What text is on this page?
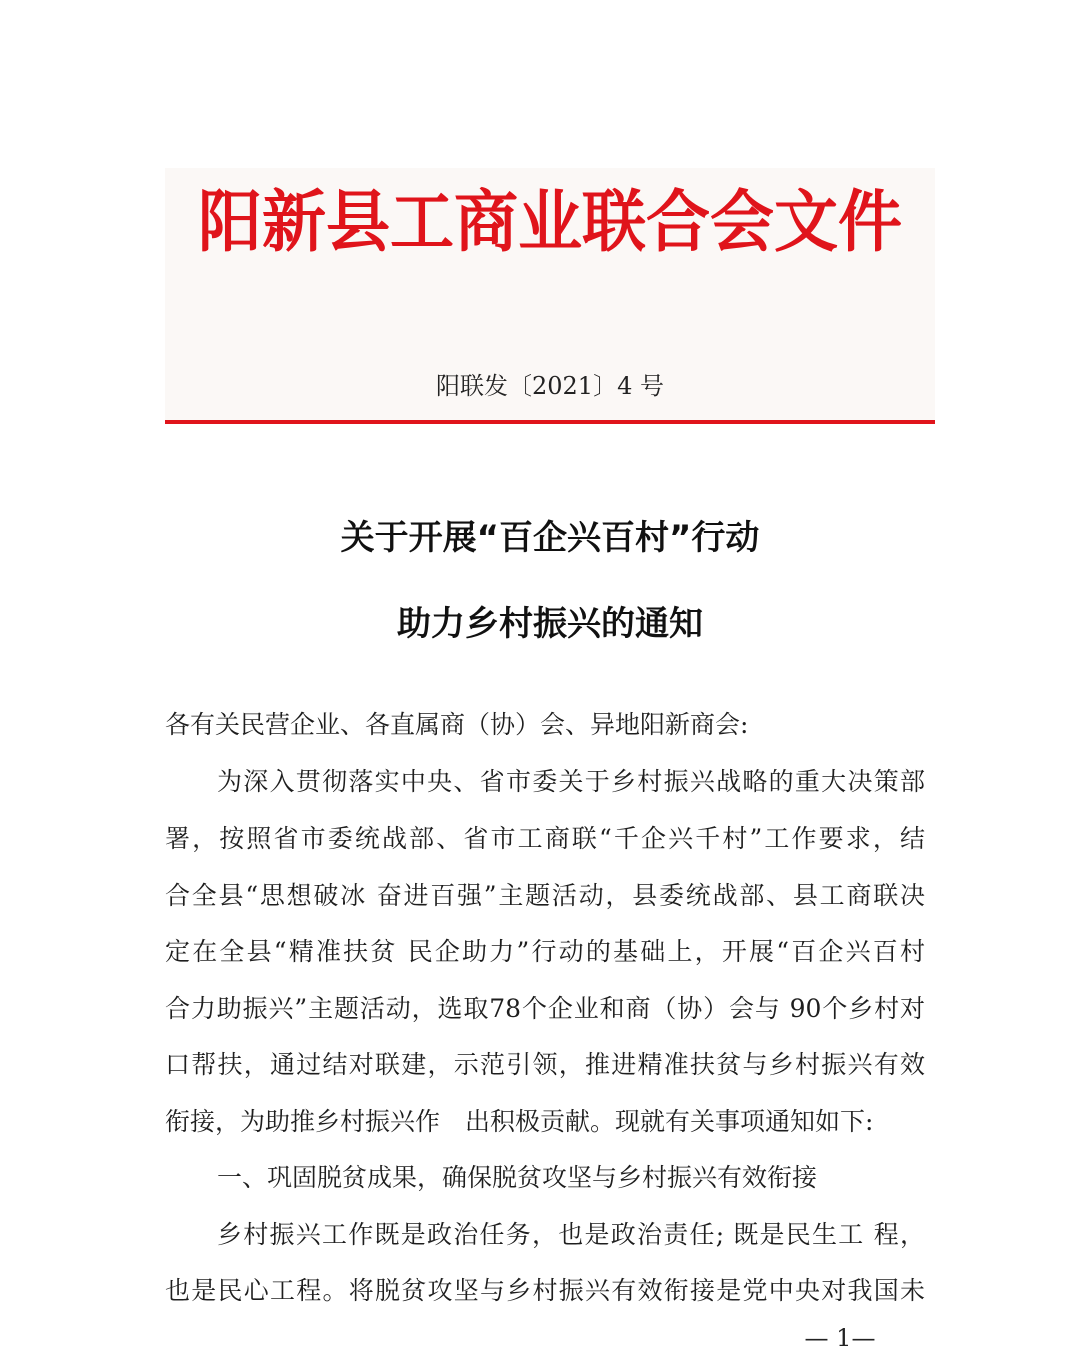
阳新县工商业联合会文件
阳联发〔2021〕4 号
关于开展“百企兴百村”行动
助力乡村振兴的通知
各有关民营企业、各直属商（协）会、异地阳新商会:
为深入贯彻落实中央、省市委关于乡村振兴战略的重大决策部
署，按照省市委统战部、省市工商联“千企兴千村”工作要求，结
合全县“思想破冰 奋进百强”主题活动，县委统战部、县工商联决
定在全县“精准扶贫 民企助力”行动的基础上，开展“百企兴百村
合力助振兴”主题活动，选取78个企业和商（协）会与 90个乡村对
口帮扶，通过结对联建，示范引领，推进精准扶贫与乡村振兴有效
衔接，为助推乡村振兴作　出积极贡献。现就有关事项通知如下:
一、巩固脱贫成果，确保脱贫攻坚与乡村振兴有效衔接
乡村振兴工作既是政治任务，也是政治责任; 既是民生工 程，
也是民心工程。将脱贫攻坚与乡村振兴有效衔接是党中央对我国未
— 1—
